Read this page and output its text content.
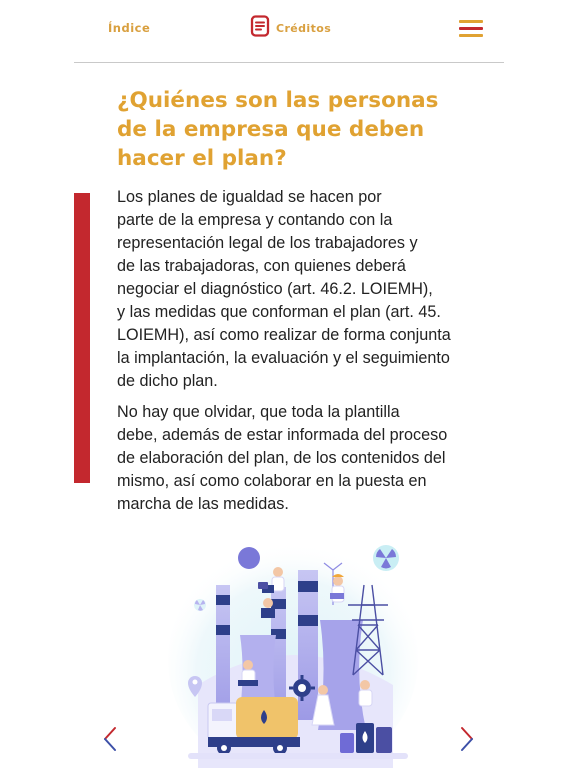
Índice	Créditos
¿Quiénes son las personas
de la empresa que deben
hacer el plan?

Los planes de igualdad se hacen por
parte de la empresa y contando con la
representación legal de los trabajadores y
de las trabajadoras, con quienes deberá
negociar el diagnóstico (art. 46.2. LOIEMH),
y las medidas que conforman el plan (art. 45.
LOIEMH), así como realizar de forma conjunta
la implantación, la evaluación y el seguimiento
de dicho plan.

No hay que olvidar, que toda la plantilla
debe, además de estar informada del proceso
de elaboración del plan, de los contenidos del
mismo, así como colaborar en la puesta en
marcha de las medidas.
